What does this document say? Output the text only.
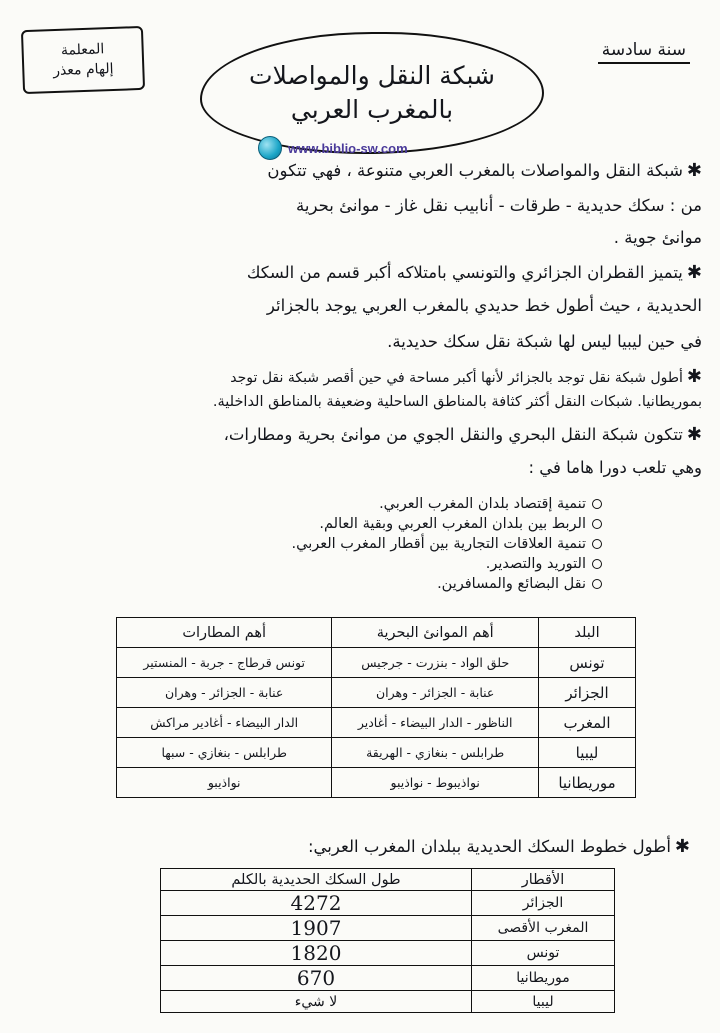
المعلمة
إلهام معذر	شبكة النقل والمواصلات
بالمغرب العربي
سنة سادسة
www.biblio-sw.com
✱شبكة النقل والمواصلات بالمغرب العربي متنوعة ، فهي تتكون
من : سكك حديدية - طرقات - أنابيب نقل غاز - موانئ بحرية
موانئ جوية .
✱يتميز القطران الجزائري والتونسي بامتلاكه أكبر قسم من السكك
الحديدية ، حيث أطول خط حديدي بالمغرب العربي يوجد بالجزائر
في حين ليبيا ليس لها شبكة نقل سكك حديدية.
✱أطول شبكة نقل توجد بالجزائر لأنها أكبر مساحة في حين أقصر شبكة نقل توجد
بموريطانيا. شبكات النقل أكثر كثافة بالمناطق الساحلية وضعيفة بالمناطق الداخلية.
✱تتكون شبكة النقل البحري والنقل الجوي من موانئ بحرية ومطارات،
وهي تلعب دورا هاما في :
تنمية إقتصاد بلدان المغرب العربي.
الربط بين بلدان المغرب العربي وبقية العالم.
تنمية العلاقات التجارية بين أقطار المغرب العربي.
التوريد والتصدير.
نقل البضائع والمسافرين.
البلد	أهم الموانئ البحرية	أهم المطارات
تونس	حلق الواد - بنزرت - جرجيس	تونس قرطاج - جربة - المنستير
الجزائر	عنابة - الجزائر - وهران	عنابة - الجزائر - وهران
المغرب	الناظور - الدار البيضاء - أغادير	الدار البيضاء - أغادير مراكش
ليبيا	طرابلس - بنغازي - الهريقة	طرابلس - بنغازي - سبها
موريطانيا	نواذيبوط - نواذيبو	نواذيبو
✱أطول خطوط السكك الحديدية ببلدان المغرب العربي:
الأقطار	طول السكك الحديدية بالكلم
الجزائر	4272
المغرب الأقصى	1907
تونس	1820
موريطانيا	670
ليبيا	لا شيء
